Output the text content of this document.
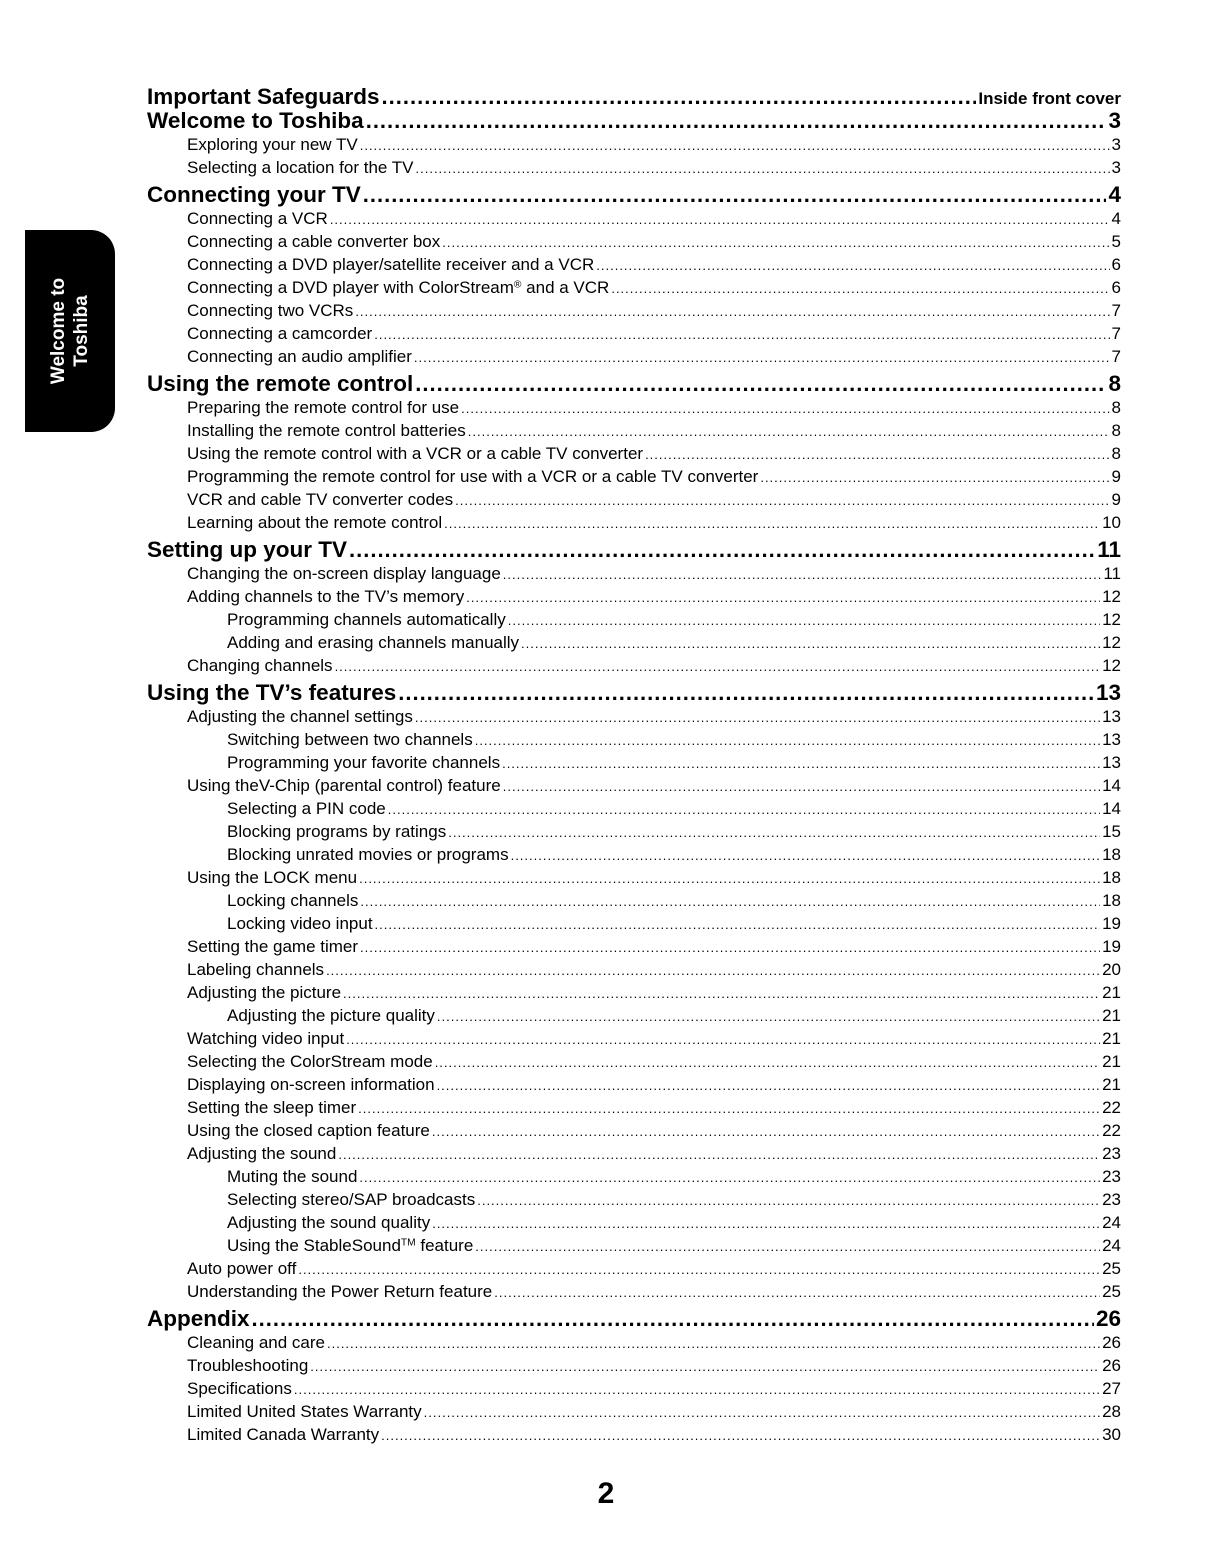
Welcome to Toshiba
Important Safeguards .....	Inside front cover
Welcome to Toshiba .....	3
Exploring your new TV .....	3
Selecting a location for the TV .....	3
Connecting your TV .....	4
Connecting a VCR .....	4
Connecting a cable converter box .....	5
Connecting a DVD player/satellite receiver and a VCR .....	6
Connecting a DVD player with ColorStream® and a VCR .....	6
Connecting two VCRs .....	7
Connecting a camcorder .....	7
Connecting an audio amplifier .....	7
Using the remote control .....	8
Preparing the remote control for use .....	8
Installing the remote control batteries .....	8
Using the remote control with a VCR or a cable TV converter .....	8
Programming the remote control for use with a VCR or a cable TV converter .....	9
VCR and cable TV converter codes .....	9
Learning about the remote control .....	10
Setting up your TV .....	11
Changing the on-screen display language .....	11
Adding channels to the TV’s memory .....	12
Programming channels automatically .....	12
Adding and erasing channels manually .....	12
Changing channels .....	12
Using the TV’s features .....	13
Adjusting the channel settings .....	13
Switching between two channels .....	13
Programming your favorite channels .....	13
Using theV-Chip (parental control) feature .....	14
Selecting a PIN code .....	14
Blocking programs by ratings .....	15
Blocking unrated movies or programs .....	18
Using the LOCK menu .....	18
Locking channels .....	18
Locking video input .....	19
Setting the game timer .....	19
Labeling channels .....	20
Adjusting the picture .....	21
Adjusting the picture quality .....	21
Watching video input .....	21
Selecting the ColorStream mode .....	21
Displaying on-screen information .....	21
Setting the sleep timer .....	22
Using the closed caption feature .....	22
Adjusting the sound .....	23
Muting the sound .....	23
Selecting stereo/SAP broadcasts .....	23
Adjusting the sound quality .....	24
Using the StableSound™ feature .....	24
Auto power off .....	25
Understanding the Power Return feature .....	25
Appendix .....	26
Cleaning and care .....	26
Troubleshooting .....	26
Specifications .....	27
Limited United States Warranty .....	28
Limited Canada Warranty .....	30
2
